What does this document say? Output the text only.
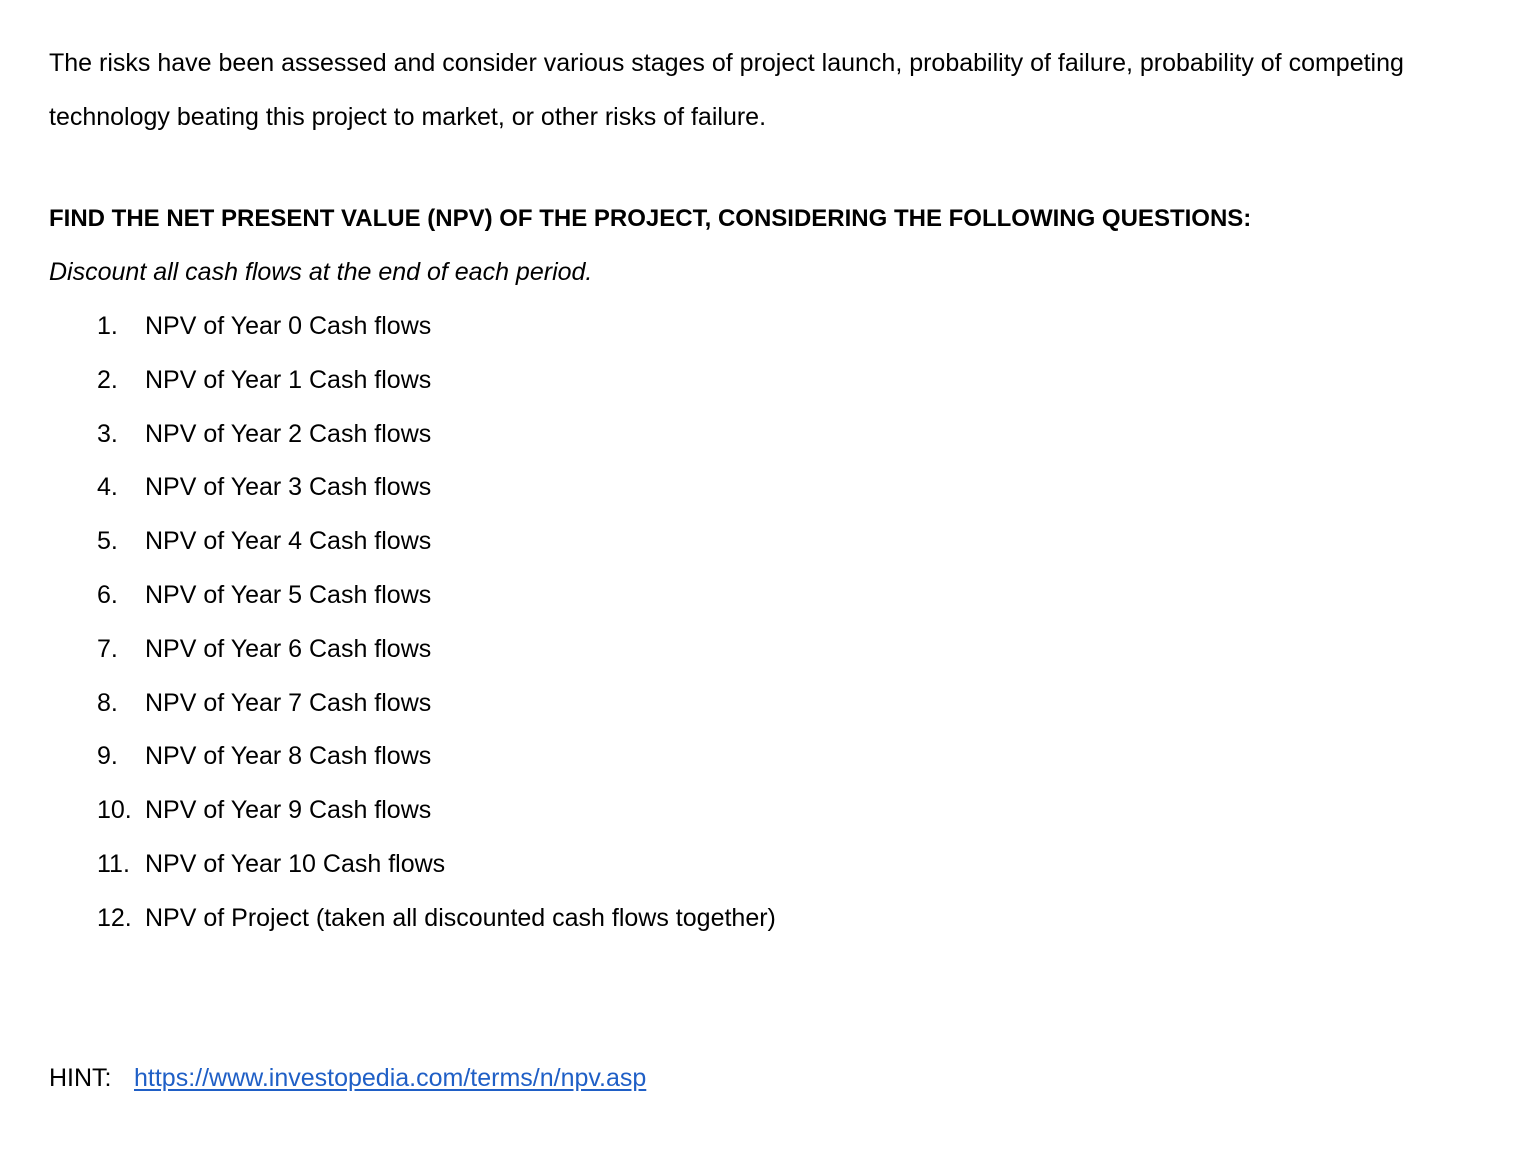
The risks have been assessed and consider various stages of project launch, probability of failure, probability of competing technology beating this project to market, or other risks of failure.

FIND THE NET PRESENT VALUE (NPV) OF THE PROJECT, CONSIDERING THE FOLLOWING QUESTIONS:

Discount all cash flows at the end of each period.

1.	NPV of Year 0 Cash flows
2.	NPV of Year 1 Cash flows
3.	NPV of Year 2 Cash flows
4.	NPV of Year 3 Cash flows
5.	NPV of Year 4 Cash flows
6.	NPV of Year 5 Cash flows
7.	NPV of Year 6 Cash flows
8.	NPV of Year 7 Cash flows
9.	NPV of Year 8 Cash flows
10. NPV of Year 9 Cash flows
11. NPV of Year 10 Cash flows
12. NPV of Project (taken all discounted cash flows together)
HINT: https://www.investopedia.com/terms/n/npv.asp
